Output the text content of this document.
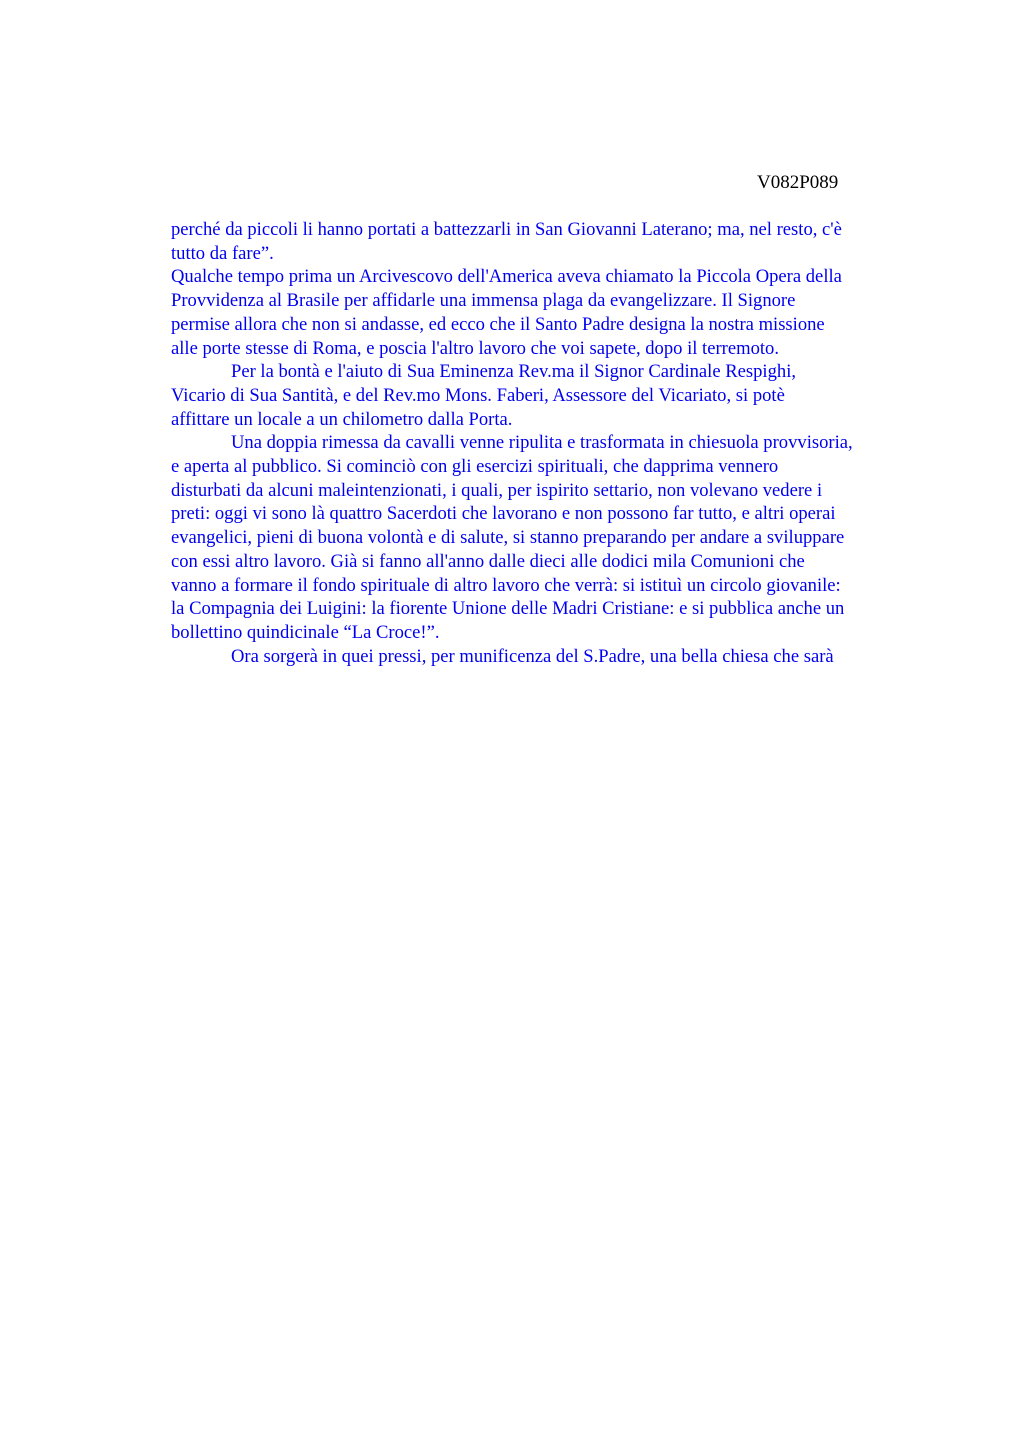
V082P089
perché da piccoli li hanno portati a battezzarli in San Giovanni Laterano; ma, nel resto, c'è
tutto da fare”.
Qualche tempo prima un Arcivescovo dell'America aveva chiamato la Piccola Opera della
Provvidenza al Brasile per affidarle una immensa plaga da evangelizzare. Il Signore
permise allora che non si andasse, ed ecco che il Santo Padre designa la nostra missione
alle porte stesse di Roma, e poscia l'altro lavoro che voi sapete, dopo il terremoto.
Per la bontà e l'aiuto di Sua Eminenza Rev.ma il Signor Cardinale Respighi,
Vicario di Sua Santità, e del Rev.mo Mons. Faberi, Assessore del Vicariato, si potè
affittare un locale a un chilometro dalla Porta.
Una doppia rimessa da cavalli venne ripulita e trasformata in chiesuola provvisoria,
e aperta al pubblico. Si cominciò con gli esercizi spirituali, che dapprima vennero
disturbati da alcuni maleintenzionati, i quali, per ispirito settario, non volevano vedere i
preti: oggi vi sono là quattro Sacerdoti che lavorano e non possono far tutto, e altri operai
evangelici, pieni di buona volontà e di salute, si stanno preparando per andare a sviluppare
con essi altro lavoro. Già si fanno all'anno dalle dieci alle dodici mila Comunioni che
vanno a formare il fondo spirituale di altro lavoro che verrà: si istituì un circolo giovanile:
la Compagnia dei Luigini: la fiorente Unione delle Madri Cristiane: e si pubblica anche un
bollettino quindicinale “La Croce!”.
Ora sorgerà in quei pressi, per munificenza del S.Padre, una bella chiesa che sarà
